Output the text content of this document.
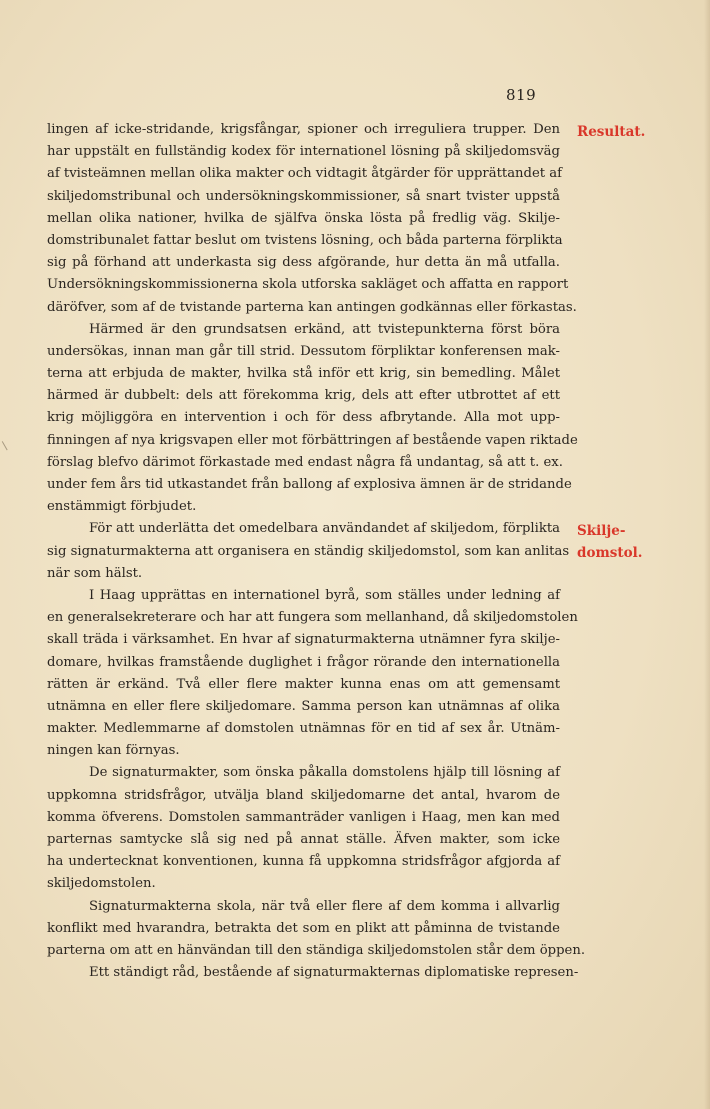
819
Resultat.
Skilje-
domstol.
lingen af icke-stridande, krigsfångar, spioner och irreguliera trupper. Den
har uppstält en fullständig kodex för internationel lösning på skiljedomsväg
af tvisteämnen mellan olika makter och vidtagit åtgärder för upprättandet af
skiljedomstribunal och undersökningskommissioner, så snart tvister uppstå
mellan olika nationer, hvilka de själfva önska lösta på fredlig väg. Skilje-
domstribunalet fattar beslut om tvistens lösning, och båda parterna förplikta
sig på förhand att underkasta sig dess afgörande, hur detta än må utfalla.
Undersökningskommissionerna skola utforska sakläget och affatta en rapport
däröfver, som af de tvistande parterna kan antingen godkännas eller förkastas.
Härmed är den grundsatsen erkänd, att tvistepunkterna först böra
undersökas, innan man går till strid. Dessutom förpliktar konferensen mak-
terna att erbjuda de makter, hvilka stå inför ett krig, sin bemedling. Målet
härmed är dubbelt: dels att förekomma krig, dels att efter utbrottet af ett
krig möjliggöra en intervention i och för dess afbrytande. Alla mot upp-
finningen af nya krigsvapen eller mot förbättringen af bestående vapen riktade
förslag blefvo därimot förkastade med endast några få undantag, så att t. ex.
under fem års tid utkastandet från ballong af explosiva ämnen är de stridande
enstämmigt förbjudet.
För att underlätta det omedelbara användandet af skiljedom, förplikta
sig signaturmakterna att organisera en ständig skiljedomstol, som kan anlitas
när som hälst.
I Haag upprättas en internationel byrå, som ställes under ledning af
en generalsekreterare och har att fungera som mellanhand, då skiljedomstolen
skall träda i värksamhet. En hvar af signaturmakterna utnämner fyra skilje-
domare, hvilkas framstående duglighet i frågor rörande den internationella
rätten är erkänd. Två eller flere makter kunna enas om att gemensamt
utnämna en eller flere skiljedomare. Samma person kan utnämnas af olika
makter. Medlemmarne af domstolen utnämnas för en tid af sex år. Utnäm-
ningen kan förnyas.
De signaturmakter, som önska påkalla domstolens hjälp till lösning af
uppkomna stridsfrågor, utvälja bland skiljedomarne det antal, hvarom de
komma öfverens. Domstolen sammanträder vanligen i Haag, men kan med
parternas samtycke slå sig ned på annat ställe. Äfven makter, som icke
ha undertecknat konventionen, kunna få uppkomna stridsfrågor afgjorda af
skiljedomstolen.
Signaturmakterna skola, när två eller flere af dem komma i allvarlig
konflikt med hvarandra, betrakta det som en plikt att påminna de tvistande
parterna om att en hänvändan till den ständiga skiljedomstolen står dem öppen.
Ett ständigt råd, bestående af signaturmakternas diplomatiske represen-
